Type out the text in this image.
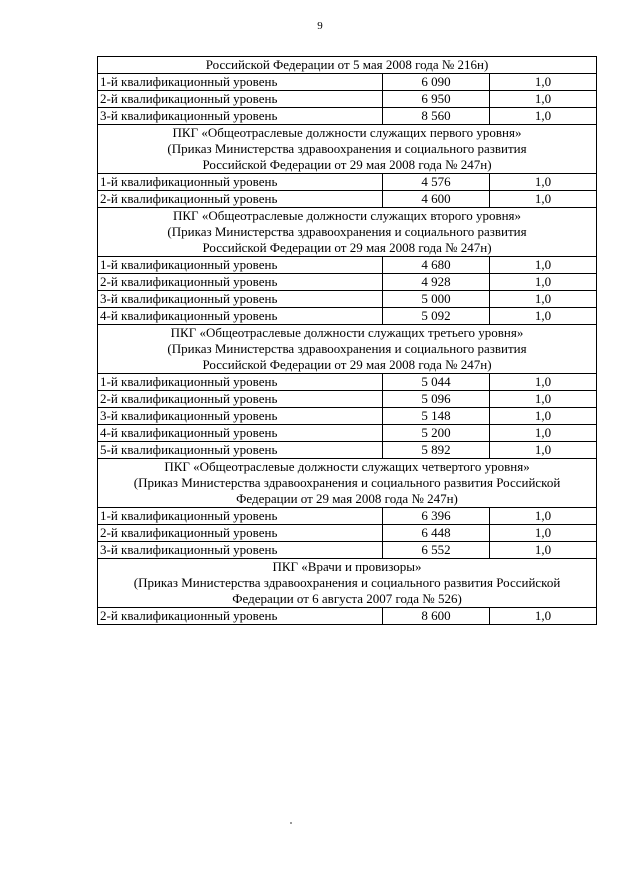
9
Российской Федерации от 5 мая 2008 года № 216н)		

1-й квалификационный уровень	6 090	1,0
2-й квалификационный уровень	6 950	1,0
3-й квалификационный уровень	8 560	1,0

ПКГ «Общеотраслевые должности служащих первого уровня»
(Приказ Министерства здравоохранения и социального развития
Российской Федерации от 29 мая 2008 года № 247н)		

1-й квалификационный уровень	4 576	1,0
2-й квалификационный уровень	4 600	1,0

ПКГ «Общеотраслевые должности служащих второго уровня»
(Приказ Министерства здравоохранения и социального развития
Российской Федерации от 29 мая 2008 года № 247н)		

1-й квалификационный уровень	4 680	1,0
2-й квалификационный уровень	4 928	1,0
3-й квалификационный уровень	5 000	1,0
4-й квалификационный уровень	5 092	1,0

ПКГ «Общеотраслевые должности служащих третьего уровня»
(Приказ Министерства здравоохранения и социального развития
Российской Федерации от 29 мая 2008 года № 247н)		

1-й квалификационный уровень	5 044	1,0
2-й квалификационный уровень	5 096	1,0
3-й квалификационный уровень	5 148	1,0
4-й квалификационный уровень	5 200	1,0
5-й квалификационный уровень	5 892	1,0

ПКГ «Общеотраслевые должности служащих четвертого уровня»
(Приказ Министерства здравоохранения и социального развития Российской
Федерации от 29 мая 2008 года № 247н)		

1-й квалификационный уровень	6 396	1,0
2-й квалификационный уровень	6 448	1,0
3-й квалификационный уровень	6 552	1,0

ПКГ «Врачи и провизоры»
(Приказ Министерства здравоохранения и социального развития Российской
Федерации от 6 августа 2007 года № 526)		

2-й квалификационный уровень	8 600	1,0
